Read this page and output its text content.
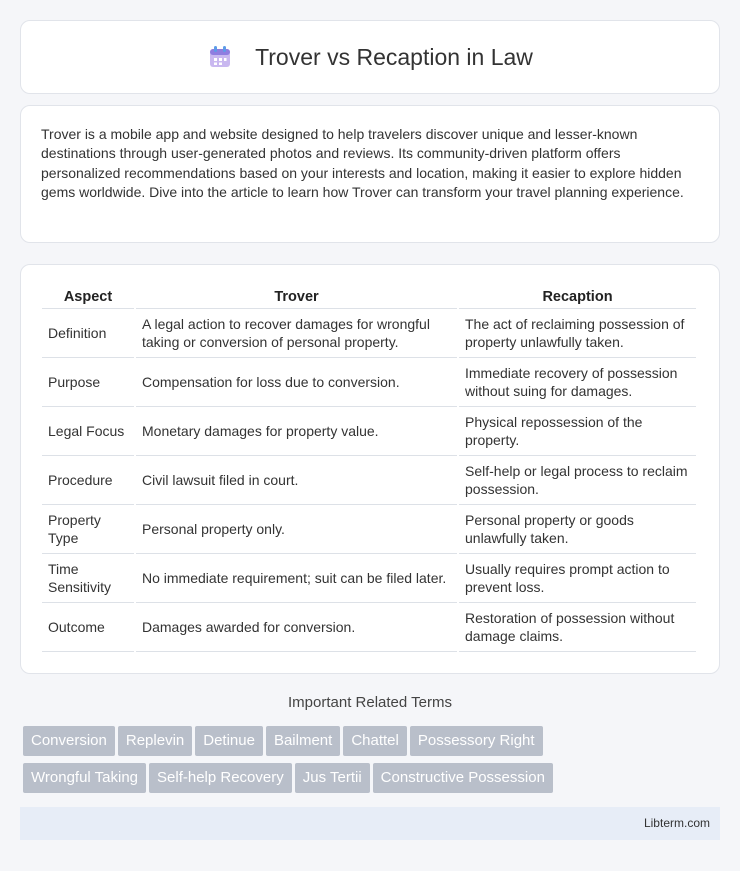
Trover vs Recaption in Law

Trover is a mobile app and website designed to help travelers discover unique and lesser-known destinations through user-generated photos and reviews. Its community-driven platform offers personalized recommendations based on your interests and location, making it easier to explore hidden gems worldwide. Dive into the article to learn how Trover can transform your travel planning experience.

Aspect	Trover	Recaption
Definition	A legal action to recover damages for wrongful taking or conversion of personal property.	The act of reclaiming possession of property unlawfully taken.
Purpose	Compensation for loss due to conversion.	Immediate recovery of possession without suing for damages.
Legal Focus	Monetary damages for property value.	Physical repossession of the property.
Procedure	Civil lawsuit filed in court.	Self-help or legal process to reclaim possession.
Property Type	Personal property only.	Personal property or goods unlawfully taken.
Time Sensitivity	No immediate requirement; suit can be filed later.	Usually requires prompt action to prevent loss.
Outcome	Damages awarded for conversion.	Restoration of possession without damage claims.
Important Related Terms
Conversion Replevin Detinue Bailment Chattel Possessory Right
Wrongful Taking Self-help Recovery Jus Tertii Constructive Possession
Libterm.com
